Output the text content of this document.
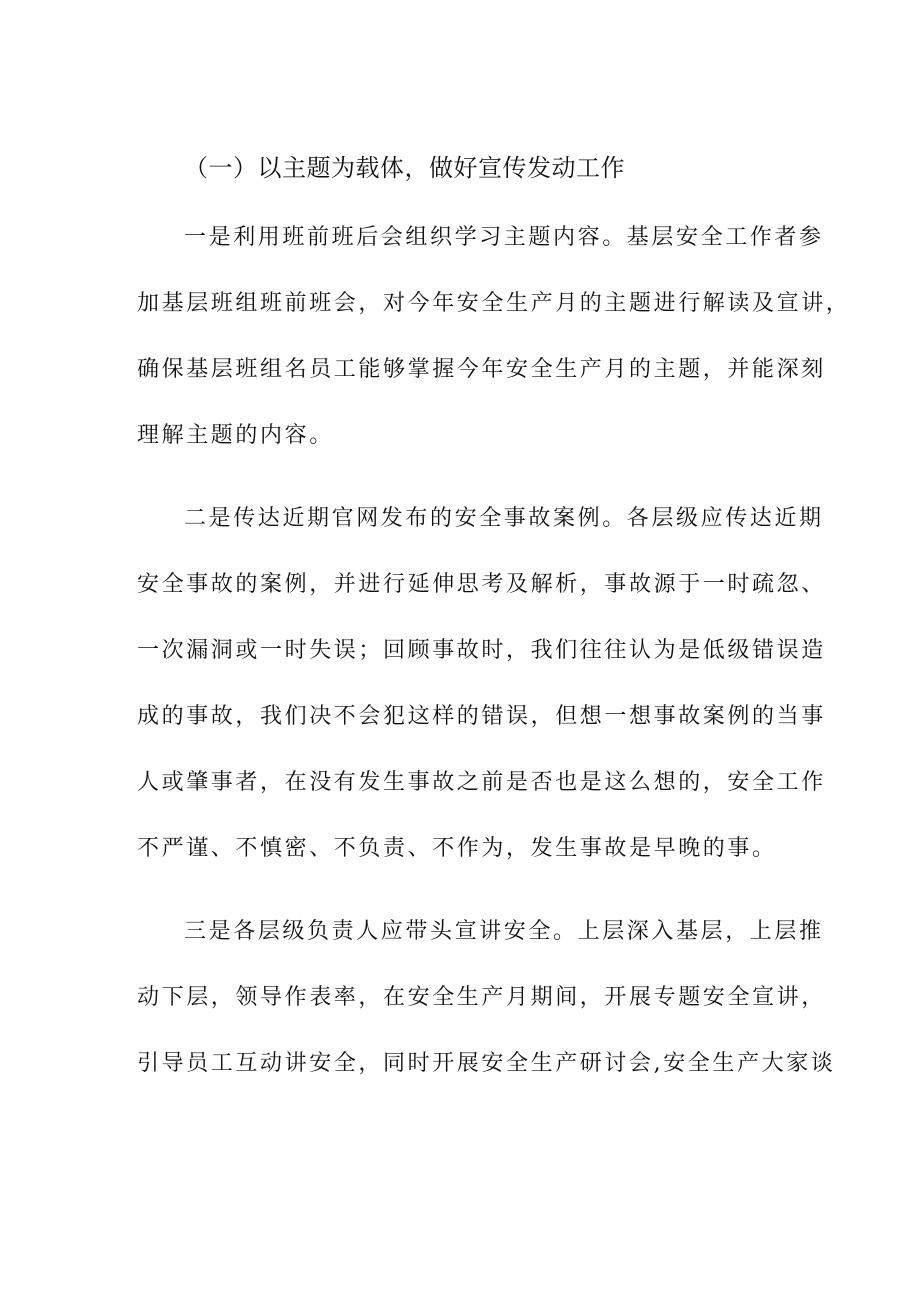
（一）以主题为载体，做好宣传发动工作
一是利用班前班后会组织学习主题内容。基层安全工作者参
加基层班组班前班会，对今年安全生产月的主题进行解读及宣讲，
确保基层班组名员工能够掌握今年安全生产月的主题，并能深刻
理解主题的内容。
二是传达近期官网发布的安全事故案例。各层级应传达近期
安全事故的案例，并进行延伸思考及解析，事故源于一时疏忽、
一次漏洞或一时失误；回顾事故时，我们往往认为是低级错误造
成的事故，我们决不会犯这样的错误，但想一想事故案例的当事
人或肇事者，在没有发生事故之前是否也是这么想的，安全工作
不严谨、不慎密、不负责、不作为，发生事故是早晚的事。
三是各层级负责人应带头宣讲安全。上层深入基层，上层推
动下层，领导作表率，在安全生产月期间，开展专题安全宣讲，
引导员工互动讲安全，同时开展安全生产研讨会,安全生产大家谈
